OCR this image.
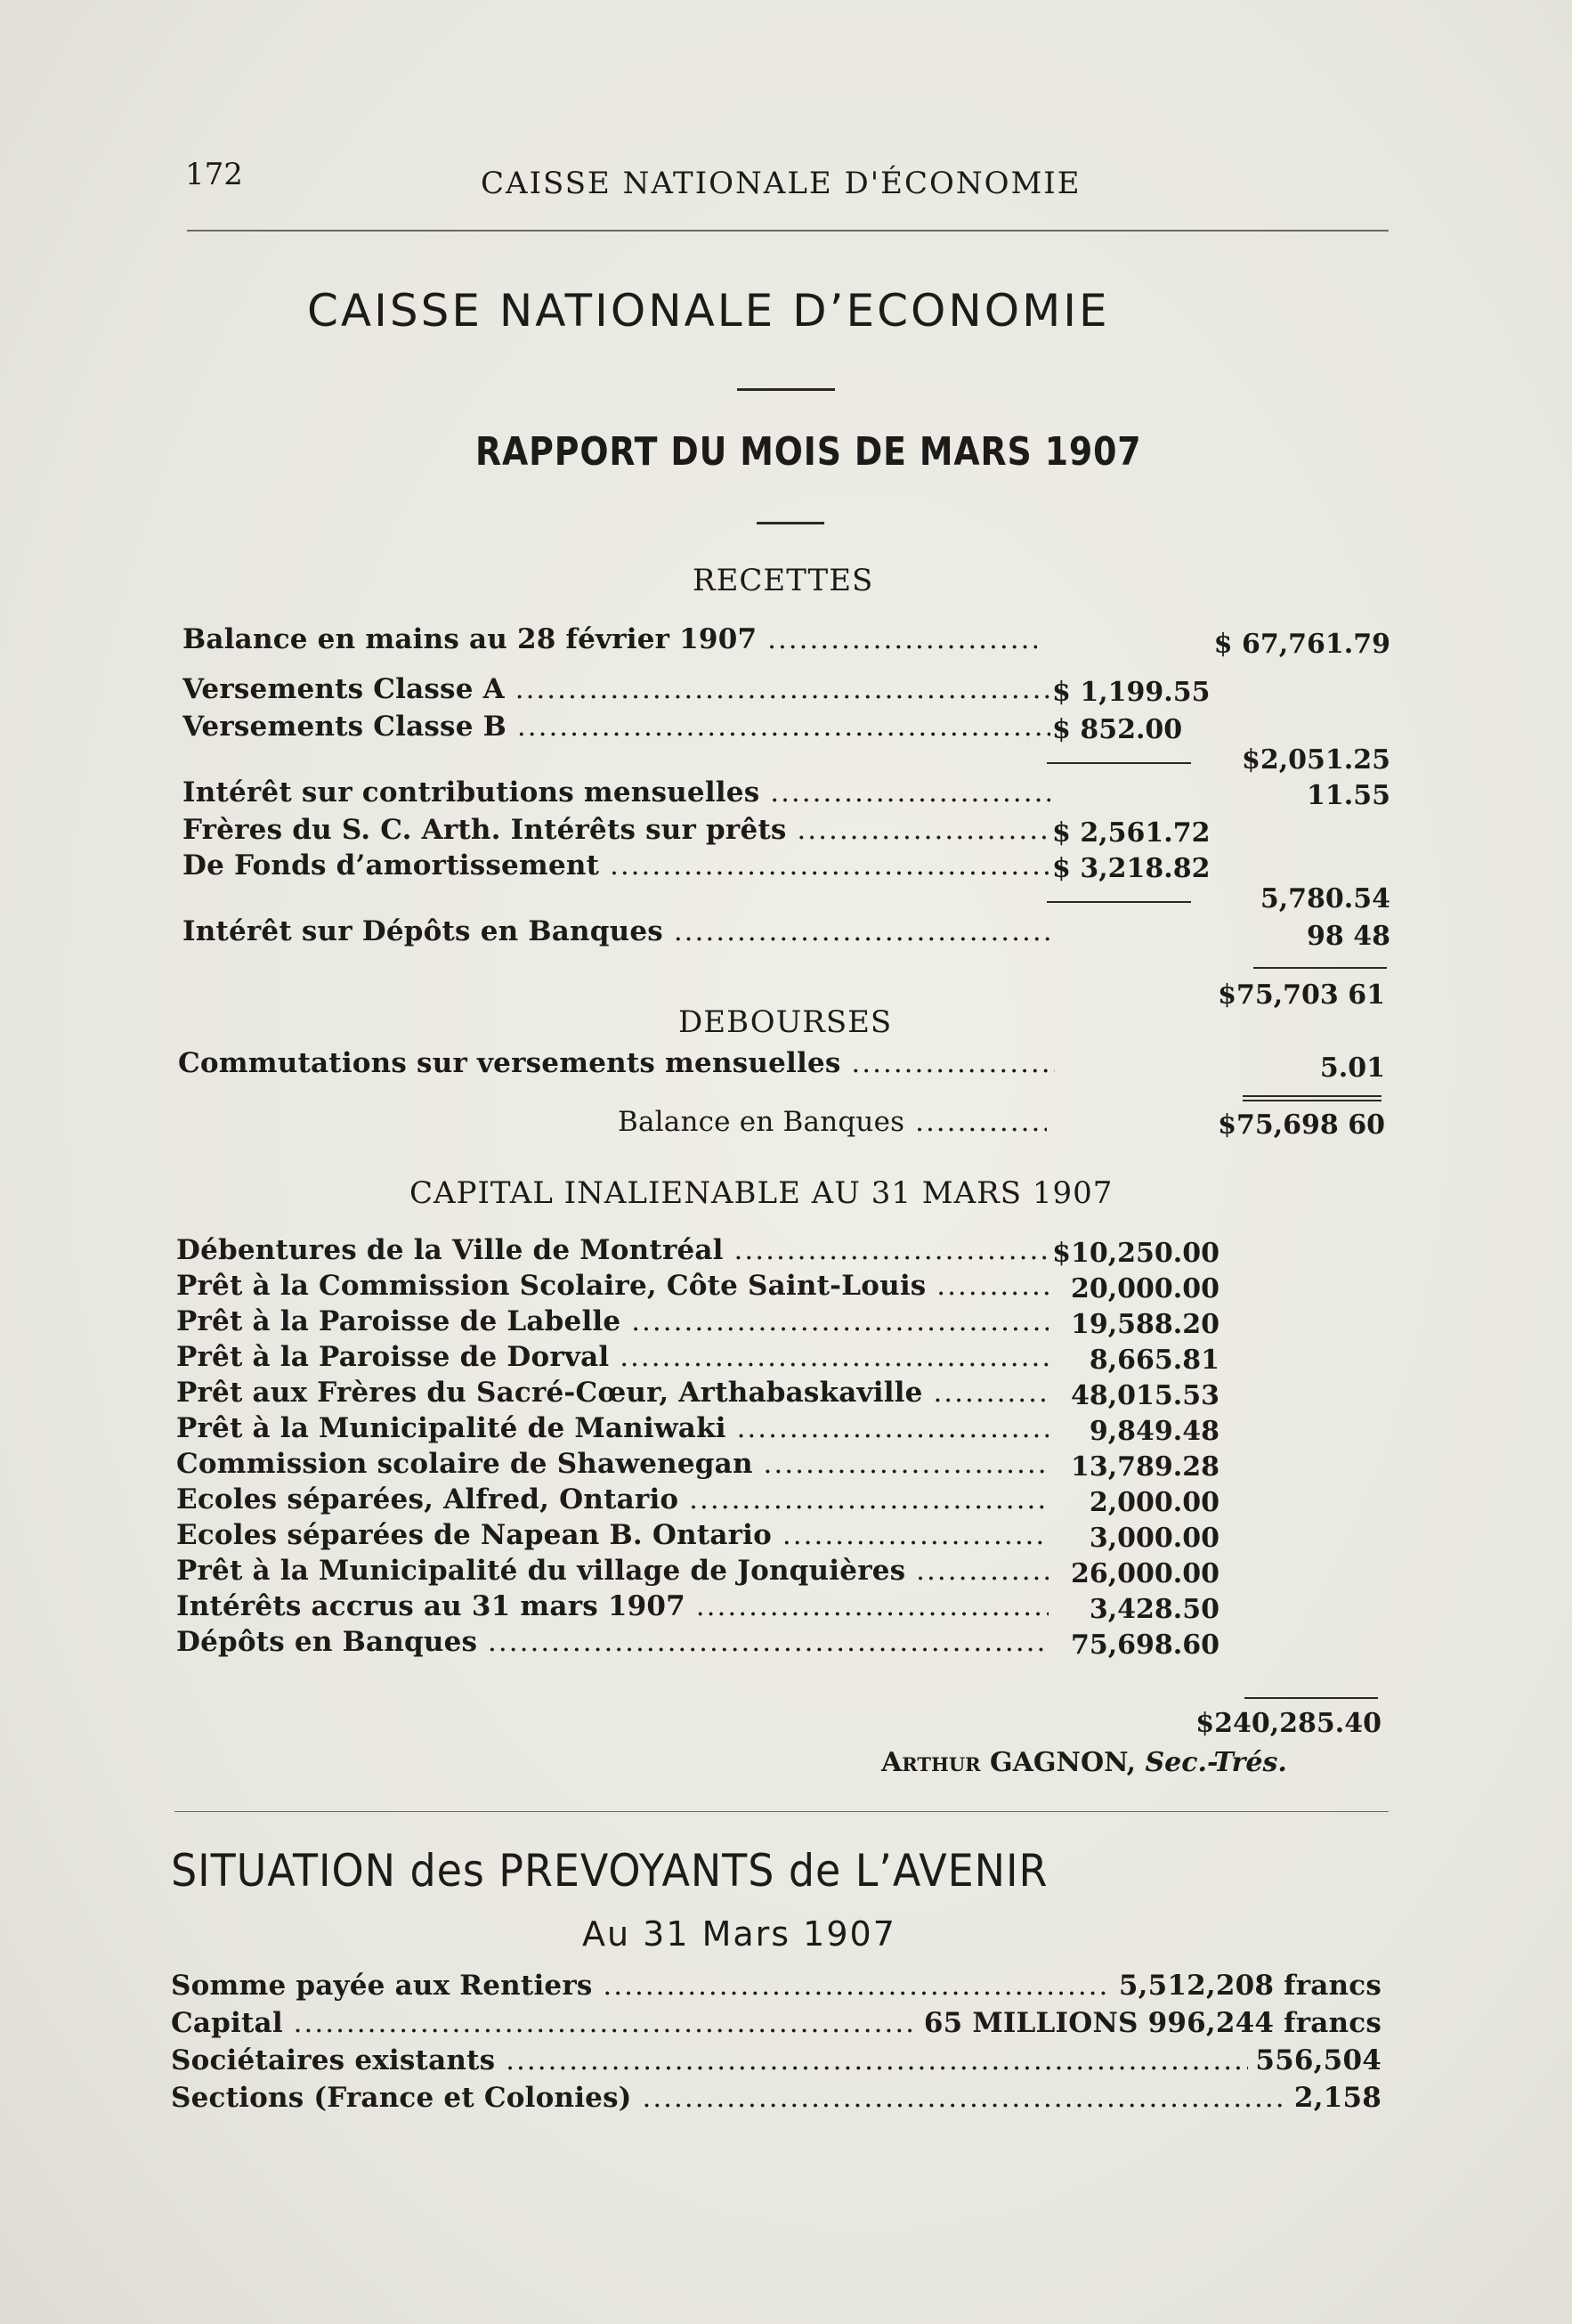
172	CAISSE NATIONALE D'ÉCONOMIE
CAISSE NATIONALE D’ECONOMIE
RAPPORT DU MOIS DE MARS 1907
RECETTES
Balance en mains au 28 février 1907 .....	$ 67,761.79
Versements Classe A .....	$ 1,199.55
Versements Classe B .....	$ 852.00
$2,051.25
Intérêt sur contributions mensuelles .....	11.55
Frères du S. C. Arth. Intérêts sur prêts .....	$ 2,561.72
De Fonds d’amortissement .....	$ 3,218.82
5,780.54
Intérêt sur Dépôts en Banques .....	98 48
$75,703 61
DEBOURSES
Commutations sur versements mensuelles .....	5.01
Balance en Banques .....	$75,698 60
CAPITAL INALIENABLE AU 31 MARS 1907
Débentures de la Ville de Montréal .....	$10,250.00
Prêt à la Commission Scolaire, Côte Saint-Louis .....	20,000.00
Prêt à la Paroisse de Labelle .....	19,588.20
Prêt à la Paroisse de Dorval .....	8,665.81
Prêt aux Frères du Sacré-Cœur, Arthabaskaville .....	48,015.53
Prêt à la Municipalité de Maniwaki .....	9,849.48
Commission scolaire de Shawenegan .....	13,789.28
Ecoles séparées, Alfred, Ontario .....	2,000.00
Ecoles séparées de Napean B. Ontario .....	3,000.00
Prêt à la Municipalité du village de Jonquières .....	26,000.00
Intérêts accrus au 31 mars 1907 .....	3,428.50
Dépôts en Banques .....	75,698.60
$240,285.40
Arthur GAGNON, Sec.-Trés.
SITUATION des PREVOYANTS de L’AVENIR
Au 31 Mars 1907
Somme payée aux Rentiers .....	5,512,208 francs
Capital .....	65 MILLIONS 996,244 francs
Sociétaires existants .....	556,504
Sections (France et Colonies) .....	2,158
